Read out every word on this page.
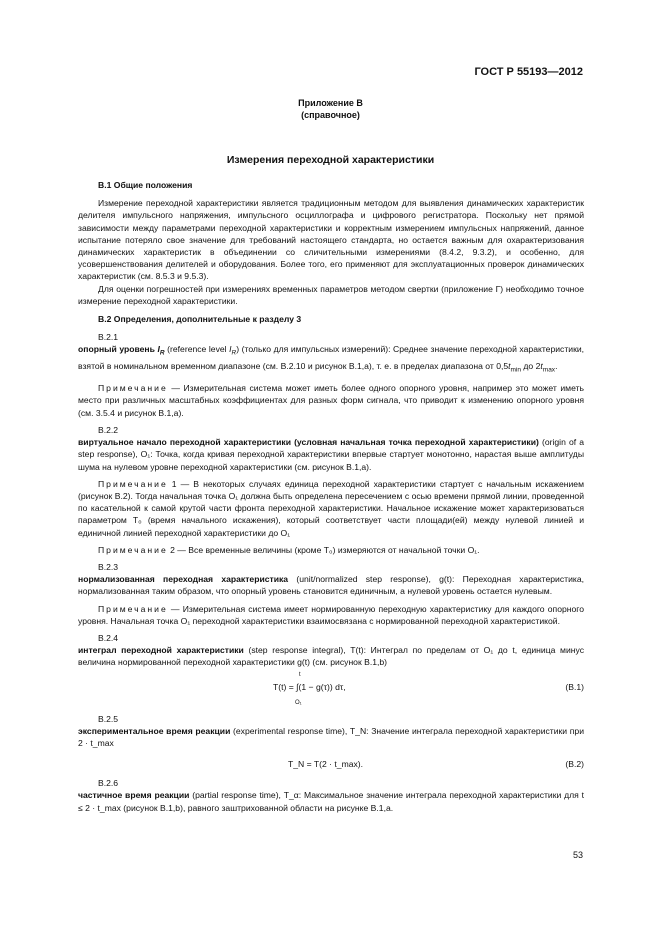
ГОСТ Р 55193—2012
Приложение В
(справочное)
Измерения переходной характеристики

В.1 Общие положения

Измерение переходной характеристики является традиционным методом для выявления динамических характеристик делителя импульсного напряжения, импульсного осциллографа и цифрового регистратора. Поскольку нет прямой зависимости между параметрами переходной характеристики и корректным измерением импульсных напряжений, данное испытание потеряло свое значение для требований настоящего стандарта, но остается важным для охарактеризования динамических характеристик в объединении со сличительными измерениями (8.4.2, 9.3.2), и особенно, для усовершенствования делителей и оборудования. Более того, его применяют для эксплуатационных проверок динамических характеристик (см. 8.5.3 и 9.5.3).

Для оценки погрешностей при измерениях временных параметров методом свертки (приложение Г) необходимо точное измерение переходной характеристики.

В.2 Определения, дополнительные к разделу 3

В.2.1

опорный уровень $I_R$ (reference level $I_R$) (только для импульсных измерений): Среднее значение переходной характеристики, взятой в номинальном временном диапазоне (см. В.2.10 и рисунок В.1,а), т. е. в пределах диапазона от $0,5t_{min}$ до $2t_{max}$.

Примечание — Измерительная система может иметь более одного опорного уровня, например это может иметь место при различных масштабных коэффициентах для разных форм сигнала, что приводит к изменению опорного уровня (см. 3.5.4 и рисунок В.1,а).

В.2.2

виртуальное начало переходной характеристики (условная начальная точка переходной характеристики) (origin of a step response), O₁: Точка, когда кривая переходной характеристики впервые стартует монотонно, нарастая выше амплитуды шума на нулевом уровне переходной характеристики (см. рисунок В.1,а).

Примечание 1 — В некоторых случаях единица переходной характеристики стартует с начальным искажением (рисунок В.2). Тогда начальная точка O₁ должна быть определена пересечением с осью времени прямой линии, проведенной по касательной к самой крутой части фронта переходной характеристики. Начальное искажение может характеризоваться параметром T₀ (время начального искажения), который соответствует части площади(ей) между нулевой линией и единичной линией переходной характеристики до O₁

Примечание 2 — Все временные величины (кроме T₀) измеряются от начальной точки O₁.

В.2.3

нормализованная переходная характеристика (unit/normalized step response), g(t): Переходная характеристика, нормализованная таким образом, что опорный уровень становится единичным, а нулевой уровень остается нулевым.

Примечание — Измерительная система имеет нормированную переходную характеристику для каждого опорного уровня. Начальная точка O₁ переходной характеристики взаимосвязана с нормированной переходной характеристикой.

В.2.4

интеграл переходной характеристики (step response integral), T(t): Интеграл по пределам от O₁ до t, единица минус величина нормированной переходной характеристики g(t) (см. рисунок В.1,b)

T(t) = ∫(1 − g(τ)) dτ,
t
O₁
(В.1)

В.2.5

экспериментальное время реакции (experimental response time), T_N: Значение интеграла переходной характеристики при 2 · t_max

T_N = T(2 · t_max).	(В.2)

В.2.6

частичное время реакции (partial response time), T_α: Максимальное значение интеграла переходной характеристики для t ≤ 2 · t_max (рисунок В.1,b), равного заштрихованной области на рисунке В.1,а.

53
